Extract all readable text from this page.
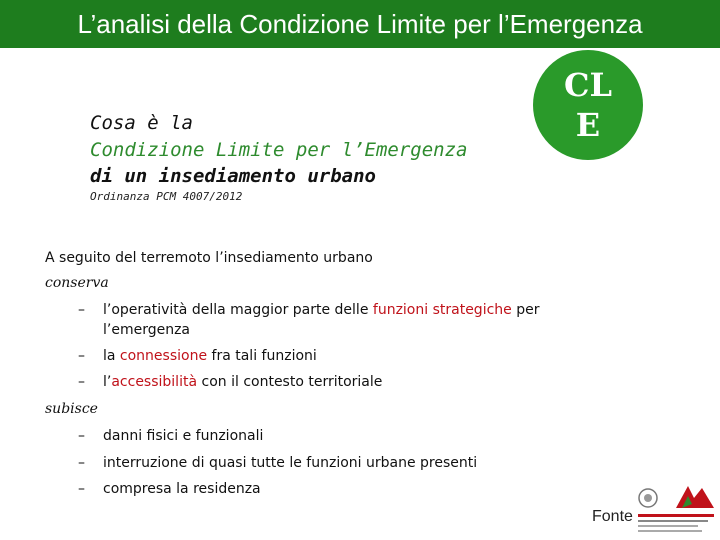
L’analisi della Condizione Limite per l’Emergenza
CL
E
Cosa è la
Condizione Limite per l’Emergenza
di un insediamento urbano
Ordinanza PCM 4007/2012
A seguito del terremoto l’insediamento urbano
conserva
– l’operatività della maggior parte delle funzioni strategiche per
l’emergenza
– la connessione fra tali funzioni
– l’accessibilità con il contesto territoriale
subisce
– danni fisici e funzionali
– interruzione di quasi tutte le funzioni urbane presenti
– compresa la residenza
Fonte
